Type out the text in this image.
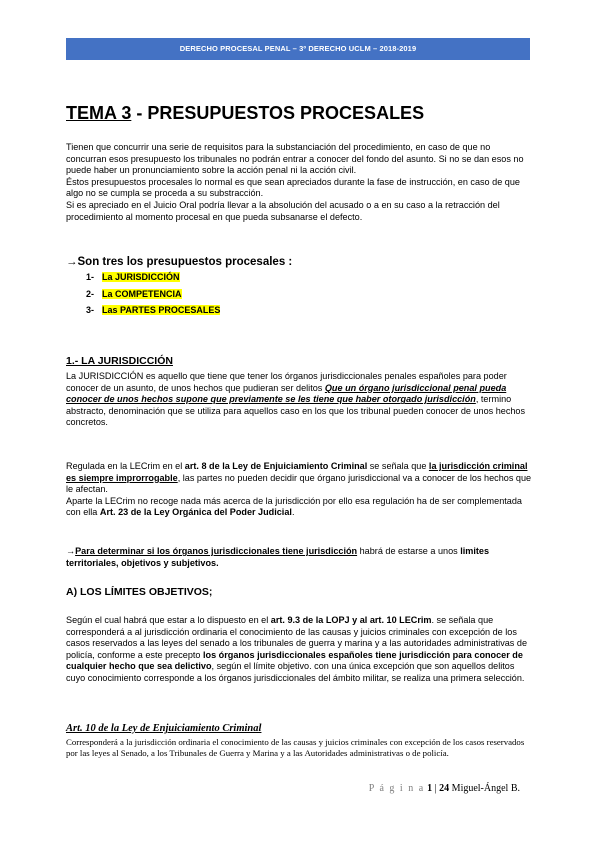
DERECHO PROCESAL PENAL – 3º DERECHO UCLM – 2018-2019
TEMA 3 - PRESUPUESTOS PROCESALES

Tienen que concurrir una serie de requisitos para la substanciación del procedimiento, en caso de que no concurran esos presupuesto los tribunales no podrán entrar a conocer del fondo del asunto. Si no se dan esos no puede haber un pronunciamiento sobre la acción penal ni la acción civil.

Éstos presupuestos procesales lo normal es que sean apreciados durante la fase de instrucción, en caso de que algo no se cumpla se proceda a su substracción.

Si es apreciado en el Juicio Oral podría llevar a la absolución del acusado o a en su caso a la retracción del procedimiento al momento procesal en que pueda subsanarse el defecto.

→Son tres los presupuestos procesales :
1- La JURISDICCIÓN
2- La COMPETENCIA
3- Las PARTES PROCESALES
1.- LA JURISDICCIÓN

La JURISDICCIÓN es aquello que tiene que tener los órganos jurisdiccionales penales españoles para poder conocer de un asunto, de unos hechos que pudieran ser delitos Que un órgano jurisdiccional penal pueda conocer de unos hechos supone que previamente se les tiene que haber otorgado jurisdicción, termino abstracto, denominación que se utiliza para aquellos caso en los que los tribunal pueden conocer de unos hechos concretos.

Regulada en la LECrim en el art. 8 de la Ley de Enjuiciamiento Criminal se señala que la jurisdicción criminal es siempre improrrogable, las partes no pueden decidir que órgano jurisdiccional va a conocer de los hechos que le afectan.

Aparte la LECrim no recoge nada más acerca de la jurisdicción por ello esa regulación ha de ser complementada con ella Art. 23 de la Ley Orgánica del Poder Judicial.

→Para determinar si los órganos jurisdiccionales tiene jurisdicción habrá de estarse a unos limites territoriales, objetivos y subjetivos.

A) LOS LÍMITES OBJETIVOS;

Según el cual habrá que estar a lo dispuesto en el art. 9.3 de la LOPJ y al art. 10 LECrim. se señala que corresponderá a al jurisdicción ordinaria el conocimiento de las causas y juicios criminales con excepción de los casos reservados a las leyes del senado a los tribunales de guerra y marina y a las autoridades administrativas de policía, conforme a este precepto los órganos jurisdiccionales españoles tiene jurisdicción para conocer de cualquier hecho que sea delictivo, según el límite objetivo. con una única excepción que son aquellos delitos cuyo conocimiento corresponde a los órganos jurisdiccionales del ámbito militar, se realiza una primera selección.

Art. 10 de la Ley de Enjuiciamiento Criminal
Corresponderá a la jurisdicción ordinaria el conocimiento de las causas y juicios criminales con excepción de los casos reservados por las leyes al Senado, a los Tribunales de Guerra y Marina y a las Autoridades administrativas o de policía.
P á g i n a 1 | 24 Miguel-Ángel B.
